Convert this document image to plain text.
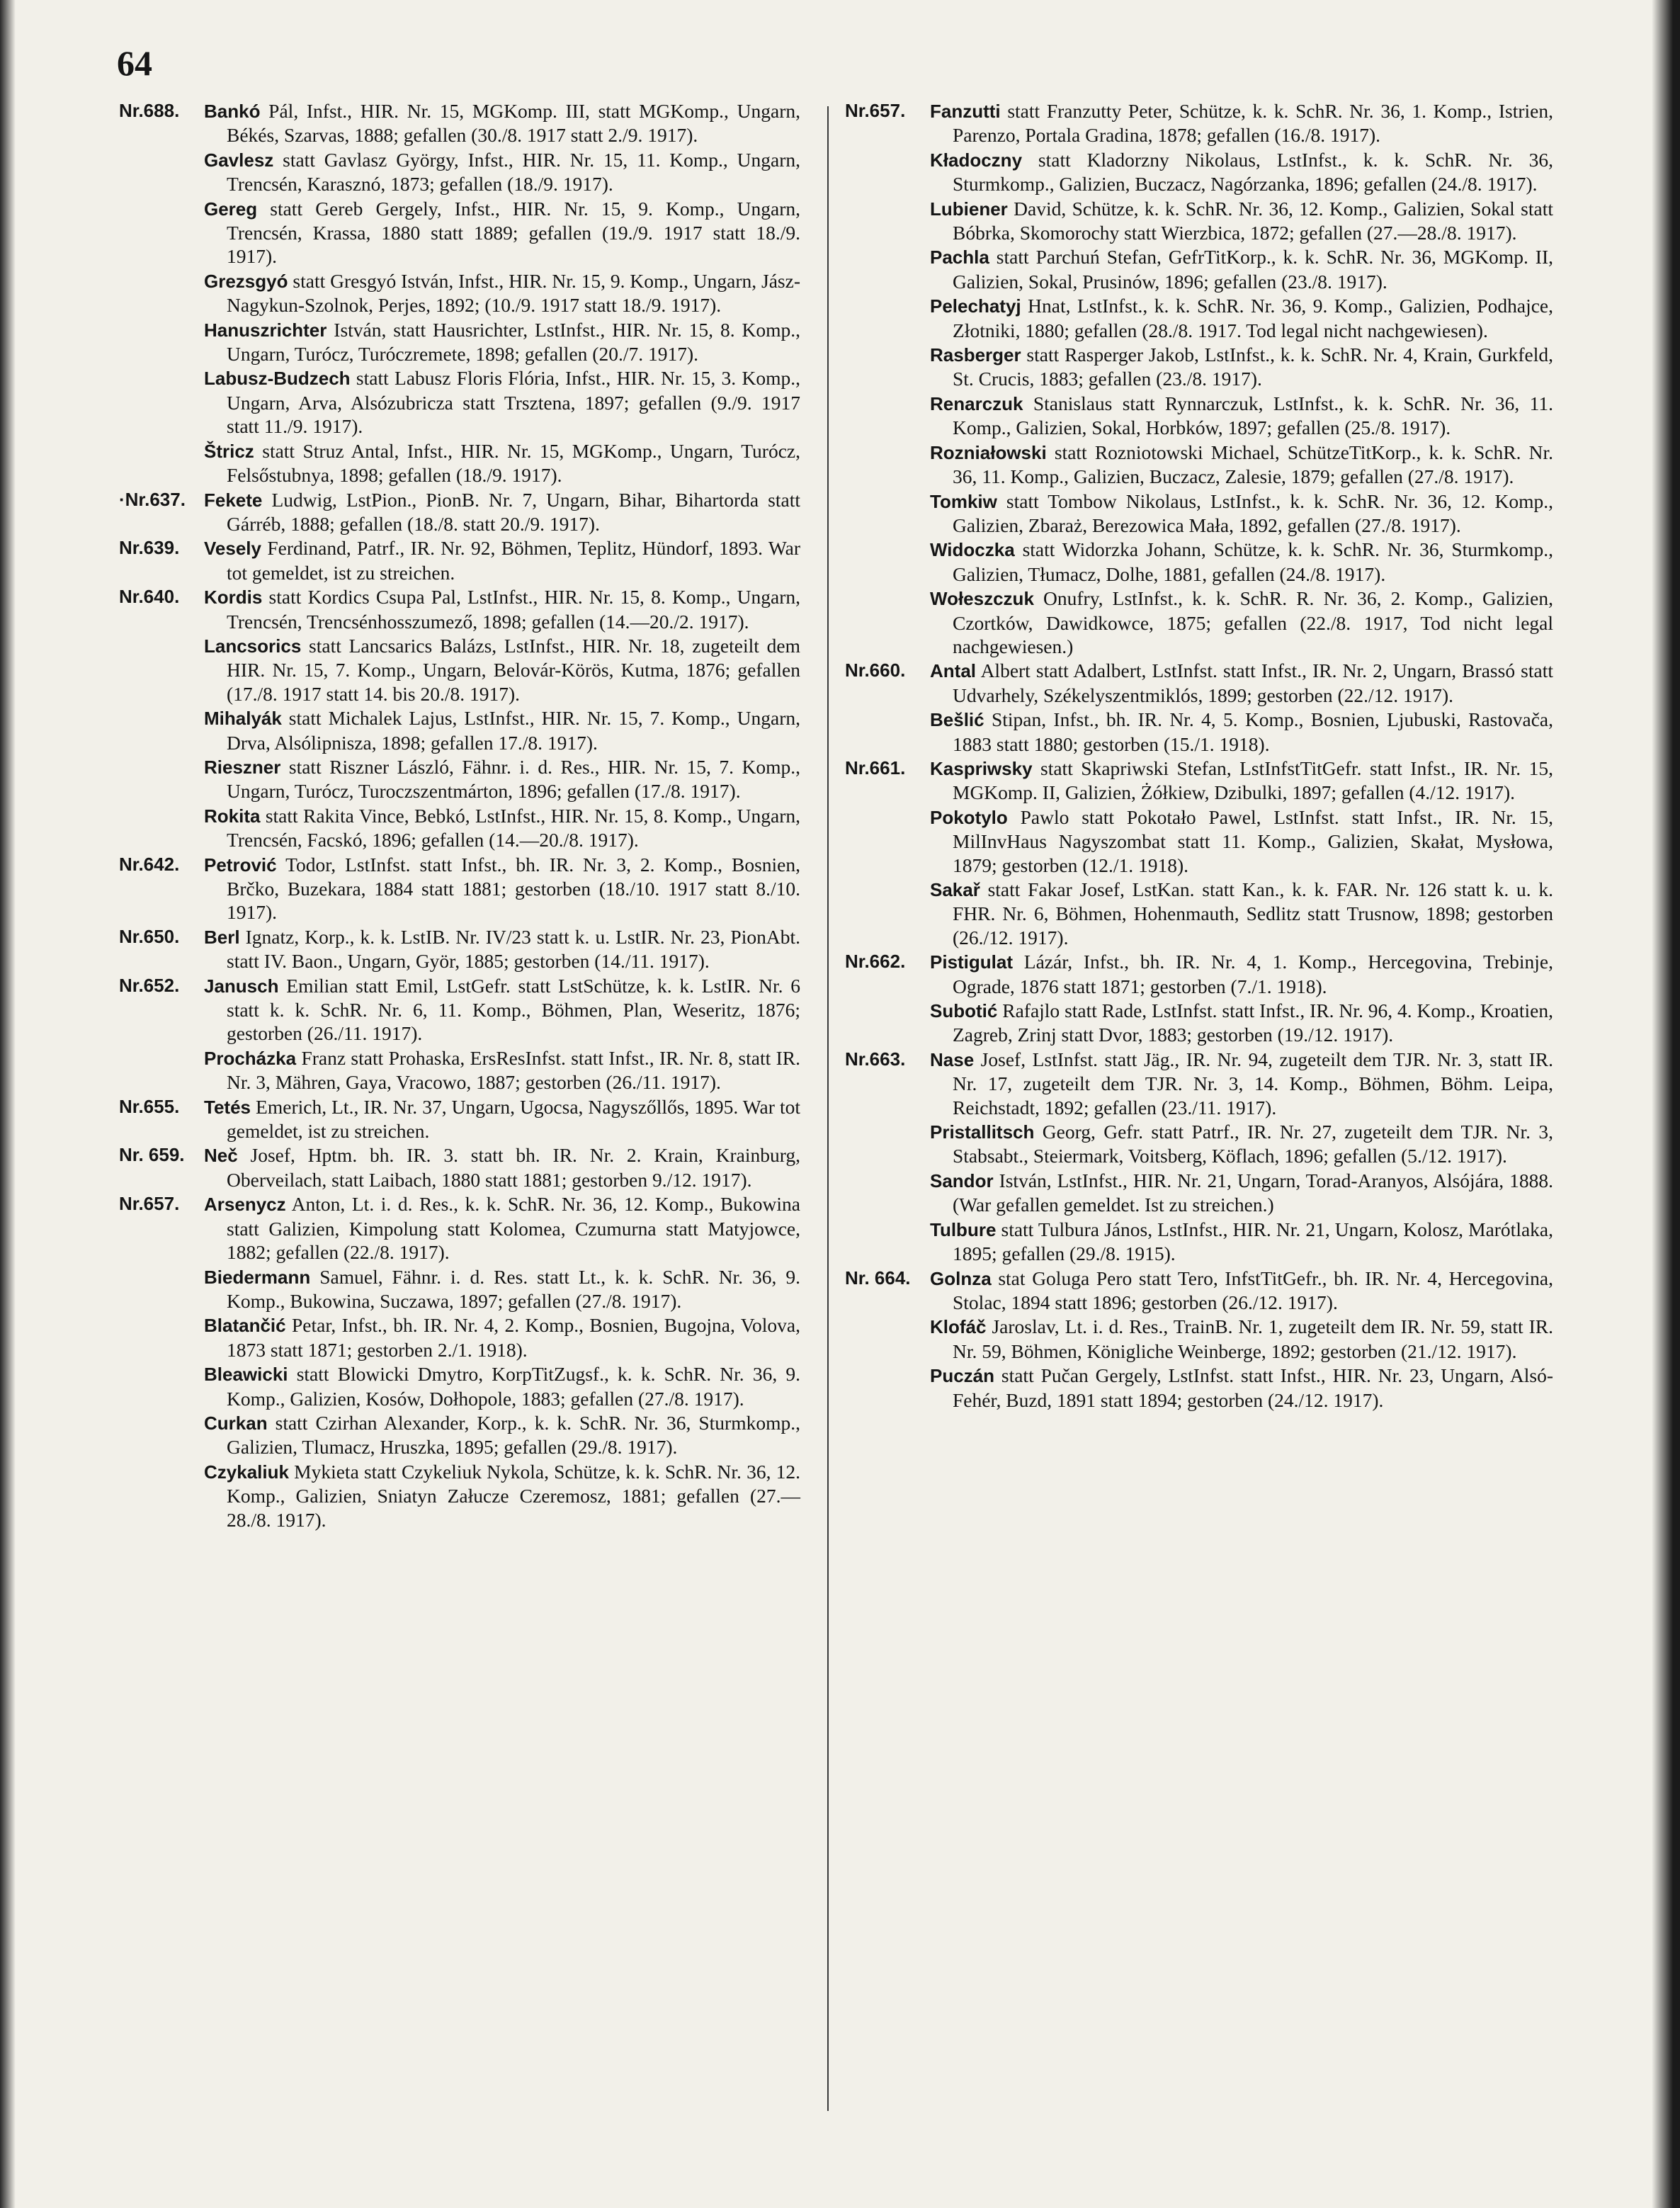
64
Nr.688.	Bankó Pál, Infst., HIR. Nr. 15, MGKomp. III, statt MGKomp., Ungarn, Békés, Szarvas, 1888; gefallen (30./8. 1917 statt 2./9. 1917).

Gavlesz statt Gavlasz György, Infst., HIR. Nr. 15, 11. Komp., Ungarn, Trencsén, Karasznó, 1873; gefallen (18./9. 1917).

Gereg statt Gereb Gergely, Infst., HIR. Nr. 15, 9. Komp., Ungarn, Trencsén, Krassa, 1880 statt 1889; gefallen (19./9. 1917 statt 18./9. 1917).

Grezsgyó statt Gresgyó István, Infst., HIR. Nr. 15, 9. Komp., Ungarn, Jász-Nagykun-Szolnok, Perjes, 1892; (10./9. 1917 statt 18./9. 1917).

Hanuszrichter István, statt Hausrichter, LstInfst., HIR. Nr. 15, 8. Komp., Ungarn, Turócz, Turóczremete, 1898; gefallen (20./7. 1917).

Labusz-Budzech statt Labusz Floris Flória, Infst., HIR. Nr. 15, 3. Komp., Ungarn, Arva, Alsózubricza statt Trsztena, 1897; gefallen (9./9. 1917 statt 11./9. 1917).

Štricz statt Struz Antal, Infst., HIR. Nr. 15, MGKomp., Ungarn, Turócz, Felsőstubnya, 1898; gefallen (18./9. 1917).

·Nr.637.	Fekete Ludwig, LstPion., PionB. Nr. 7, Ungarn, Bihar, Bihartorda statt Gárréb, 1888; gefallen (18./8. statt 20./9. 1917).

Nr.639.	Vesely Ferdinand, Patrf., IR. Nr. 92, Böhmen, Teplitz, Hündorf, 1893. War tot gemeldet, ist zu streichen.

Nr.640.	Kordis statt Kordics Csupa Pal, LstInfst., HIR. Nr. 15, 8. Komp., Ungarn, Trencsén, Trencsénhosszumező, 1898; gefallen (14.—20./2. 1917).

Lancsorics statt Lancsarics Balázs, LstInfst., HIR. Nr. 18, zugeteilt dem HIR. Nr. 15, 7. Komp., Ungarn, Belovár-Körös, Kutma, 1876; gefallen (17./8. 1917 statt 14. bis 20./8. 1917).

Mihalyák statt Michalek Lajus, LstInfst., HIR. Nr. 15, 7. Komp., Ungarn, Drva, Alsólipnisza, 1898; gefallen 17./8. 1917).

Rieszner statt Riszner László, Fähnr. i. d. Res., HIR. Nr. 15, 7. Komp., Ungarn, Turócz, Turoczszentmárton, 1896; gefallen (17./8. 1917).

Rokita statt Rakita Vince, Bebkó, LstInfst., HIR. Nr. 15, 8. Komp., Ungarn, Trencsén, Facskó, 1896; gefallen (14.—20./8. 1917).

Nr.642.	Petrović Todor, LstInfst. statt Infst., bh. IR. Nr. 3, 2. Komp., Bosnien, Brčko, Buzekara, 1884 statt 1881; gestorben (18./10. 1917 statt 8./10. 1917).

Nr.650.	Berl Ignatz, Korp., k. k. LstIB. Nr. IV/23 statt k. u. LstIR. Nr. 23, PionAbt. statt IV. Baon., Ungarn, Györ, 1885; gestorben (14./11. 1917).

Nr.652.	Janusch Emilian statt Emil, LstGefr. statt LstSchütze, k. k. LstIR. Nr. 6 statt k. k. SchR. Nr. 6, 11. Komp., Böhmen, Plan, Weseritz, 1876; gestorben (26./11. 1917).

Procházka Franz statt Prohaska, ErsResInfst. statt Infst., IR. Nr. 8, statt IR. Nr. 3, Mähren, Gaya, Vracowo, 1887; gestorben (26./11. 1917).

Nr.655.	Tetés Emerich, Lt., IR. Nr. 37, Ungarn, Ugocsa, Nagyszőllős, 1895. War tot gemeldet, ist zu streichen.

Nr. 659.	Neč Josef, Hptm. bh. IR. 3. statt bh. IR. Nr. 2. Krain, Krainburg, Oberveilach, statt Laibach, 1880 statt 1881; gestorben 9./12. 1917).

Nr.657.	Arsenycz Anton, Lt. i. d. Res., k. k. SchR. Nr. 36, 12. Komp., Bukowina statt Galizien, Kimpolung statt Kolomea, Czumurna statt Matyjowce, 1882; gefallen (22./8. 1917).

Biedermann Samuel, Fähnr. i. d. Res. statt Lt., k. k. SchR. Nr. 36, 9. Komp., Bukowina, Suczawa, 1897; gefallen (27./8. 1917).

Blatančić Petar, Infst., bh. IR. Nr. 4, 2. Komp., Bosnien, Bugojna, Volova, 1873 statt 1871; gestorben 2./1. 1918).

Bleawicki statt Blowicki Dmytro, KorpTitZugsf., k. k. SchR. Nr. 36, 9. Komp., Galizien, Kosów, Dołhopole, 1883; gefallen (27./8. 1917).

Curkan statt Czirhan Alexander, Korp., k. k. SchR. Nr. 36, Sturmkomp., Galizien, Tlumacz, Hruszka, 1895; gefallen (29./8. 1917).

Czykaliuk Mykieta statt Czykeliuk Nykola, Schütze, k. k. SchR. Nr. 36, 12. Komp., Galizien, Sniatyn Załucze Czeremosz, 1881; gefallen (27.—28./8. 1917).

Nr.657.	Fanzutti statt Franzutty Peter, Schütze, k. k. SchR. Nr. 36, 1. Komp., Istrien, Parenzo, Portala Gradina, 1878; gefallen (16./8. 1917).

Kładoczny statt Kladorzny Nikolaus, LstInfst., k. k. SchR. Nr. 36, Sturmkomp., Galizien, Buczacz, Nagórzanka, 1896; gefallen (24./8. 1917).

Lubiener David, Schütze, k. k. SchR. Nr. 36, 12. Komp., Galizien, Sokal statt Bóbrka, Skomorochy statt Wierzbica, 1872; gefallen (27.—28./8. 1917).

Pachla statt Parchuń Stefan, GefrTitKorp., k. k. SchR. Nr. 36, MGKomp. II, Galizien, Sokal, Prusinów, 1896; gefallen (23./8. 1917).

Pelechatyj Hnat, LstInfst., k. k. SchR. Nr. 36, 9. Komp., Galizien, Podhajce, Złotniki, 1880; gefallen (28./8. 1917. Tod legal nicht nachgewiesen).

Rasberger statt Rasperger Jakob, LstInfst., k. k. SchR. Nr. 4, Krain, Gurkfeld, St. Crucis, 1883; gefallen (23./8. 1917).

Renarczuk Stanislaus statt Rynnarczuk, LstInfst., k. k. SchR. Nr. 36, 11. Komp., Galizien, Sokal, Horbków, 1897; gefallen (25./8. 1917).

Rozniałowski statt Rozniotowski Michael, SchützeTitKorp., k. k. SchR. Nr. 36, 11. Komp., Galizien, Buczacz, Zalesie, 1879; gefallen (27./8. 1917).

Tomkiw statt Tombow Nikolaus, LstInfst., k. k. SchR. Nr. 36, 12. Komp., Galizien, Zbaraż, Berezowica Mała, 1892, gefallen (27./8. 1917).

Widoczka statt Widorzka Johann, Schütze, k. k. SchR. Nr. 36, Sturmkomp., Galizien, Tłumacz, Dolhe, 1881, gefallen (24./8. 1917).

Wołeszczuk Onufry, LstInfst., k. k. SchR. R. Nr. 36, 2. Komp., Galizien, Czortków, Dawidkowce, 1875; gefallen (22./8. 1917, Tod nicht legal nachgewiesen.)

Nr.660.	Antal Albert statt Adalbert, LstInfst. statt Infst., IR. Nr. 2, Ungarn, Brassó statt Udvarhely, Székelyszentmiklós, 1899; gestorben (22./12. 1917).

Bešlić Stipan, Infst., bh. IR. Nr. 4, 5. Komp., Bosnien, Ljubuski, Rastovača, 1883 statt 1880; gestorben (15./1. 1918).

Nr.661.	Kaspriwsky statt Skapriwski Stefan, LstInfstTitGefr. statt Infst., IR. Nr. 15, MGKomp. II, Galizien, Żółkiew, Dzibulki, 1897; gefallen (4./12. 1917).

Pokotylo Pawlo statt Pokotało Pawel, LstInfst. statt Infst., IR. Nr. 15, MilInvHaus Nagyszombat statt 11. Komp., Galizien, Skałat, Mysłowa, 1879; gestorben (12./1. 1918).

Sakař statt Fakar Josef, LstKan. statt Kan., k. k. FAR. Nr. 126 statt k. u. k. FHR. Nr. 6, Böhmen, Hohenmauth, Sedlitz statt Trusnow, 1898; gestorben (26./12. 1917).

Nr.662.	Pistigulat Lázár, Infst., bh. IR. Nr. 4, 1. Komp., Hercegovina, Trebinje, Ograde, 1876 statt 1871; gestorben (7./1. 1918).

Subotić Rafajlo statt Rade, LstInfst. statt Infst., IR. Nr. 96, 4. Komp., Kroatien, Zagreb, Zrinj statt Dvor, 1883; gestorben (19./12. 1917).

Nr.663.	Nase Josef, LstInfst. statt Jäg., IR. Nr. 94, zugeteilt dem TJR. Nr. 3, statt IR. Nr. 17, zugeteilt dem TJR. Nr. 3, 14. Komp., Böhmen, Böhm. Leipa, Reichstadt, 1892; gefallen (23./11. 1917).

Pristallitsch Georg, Gefr. statt Patrf., IR. Nr. 27, zugeteilt dem TJR. Nr. 3, Stabsabt., Steiermark, Voitsberg, Köflach, 1896; gefallen (5./12. 1917).

Sandor István, LstInfst., HIR. Nr. 21, Ungarn, Torad-Aranyos, Alsójára, 1888. (War gefallen gemeldet. Ist zu streichen.)

Tulbure statt Tulbura János, LstInfst., HIR. Nr. 21, Ungarn, Kolosz, Marótlaka, 1895; gefallen (29./8. 1915).

Nr. 664.	Golnza stat Goluga Pero statt Tero, InfstTitGefr., bh. IR. Nr. 4, Hercegovina, Stolac, 1894 statt 1896; gestorben (26./12. 1917).

Klofáč Jaroslav, Lt. i. d. Res., TrainB. Nr. 1, zugeteilt dem IR. Nr. 59, statt IR. Nr. 59, Böhmen, Königliche Weinberge, 1892; gestorben (21./12. 1917).

Puczán statt Pučan Gergely, LstInfst. statt Infst., HIR. Nr. 23, Ungarn, Alsó-Fehér, Buzd, 1891 statt 1894; gestorben (24./12. 1917).
